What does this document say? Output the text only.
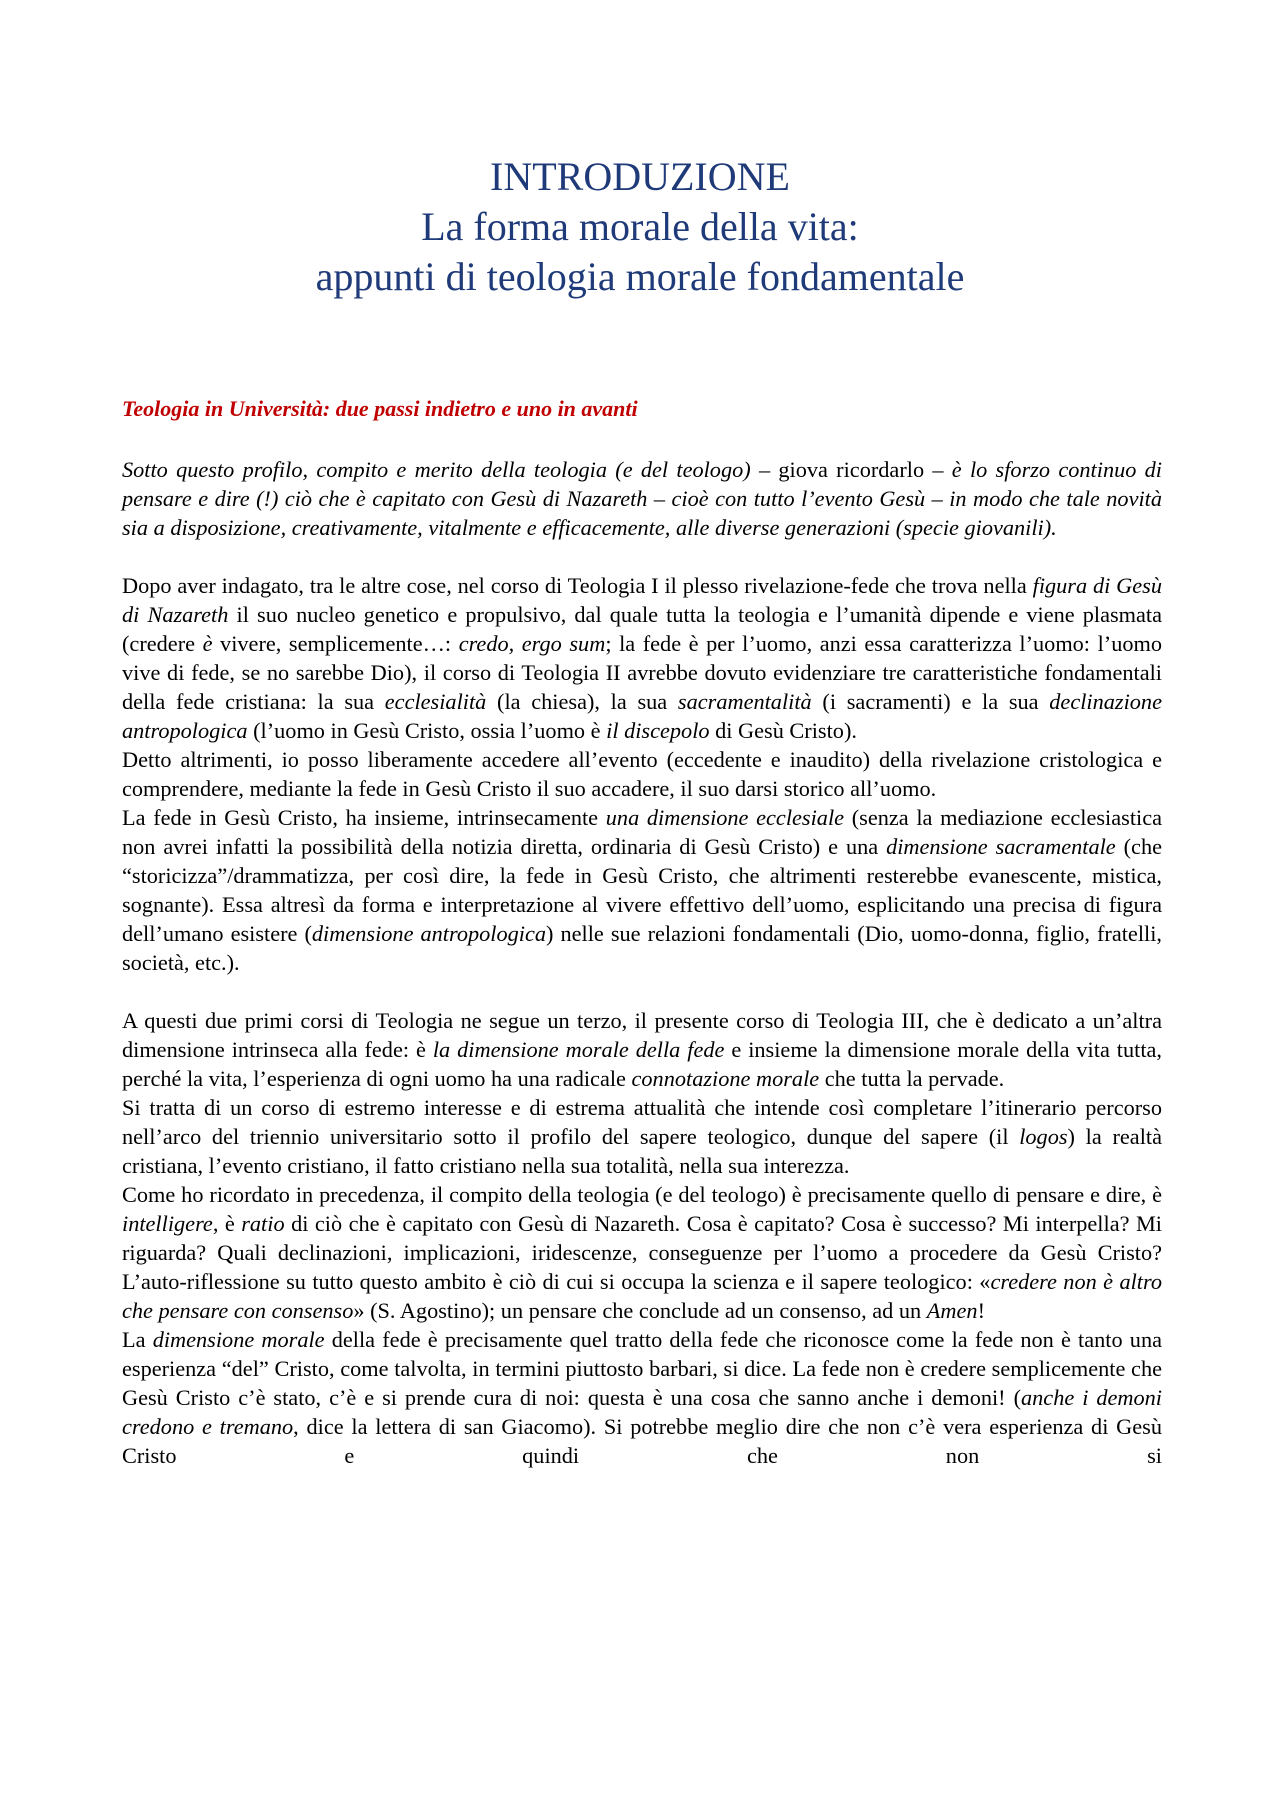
INTRODUZIONE
La forma morale della vita:
appunti di teologia morale fondamentale
Teologia in Università: due passi indietro e uno in avanti

Sotto questo profilo, compito e merito della teologia (e del teologo) – giova ricordarlo – è lo sforzo continuo di pensare e dire (!) ciò che è capitato con Gesù di Nazareth – cioè con tutto l’evento Gesù – in modo che tale novità sia a disposizione, creativamente, vitalmente e efficacemente, alle diverse generazioni (specie giovanili).

Dopo aver indagato, tra le altre cose, nel corso di Teologia I il plesso rivelazione-fede che trova nella figura di Gesù di Nazareth il suo nucleo genetico e propulsivo, dal quale tutta la teologia e l’umanità dipende e viene plasmata (credere è vivere, semplicemente…: credo, ergo sum; la fede è per l’uomo, anzi essa caratterizza l’uomo: l’uomo vive di fede, se no sarebbe Dio), il corso di Teologia II avrebbe dovuto evidenziare tre caratteristiche fondamentali della fede cristiana: la sua ecclesialità (la chiesa), la sua sacramentalità (i sacramenti) e la sua declinazione antropologica (l’uomo in Gesù Cristo, ossia l’uomo è il discepolo di Gesù Cristo).

Detto altrimenti, io posso liberamente accedere all’evento (eccedente e inaudito) della rivelazione cristologica e comprendere, mediante la fede in Gesù Cristo il suo accadere, il suo darsi storico all’uomo.

La fede in Gesù Cristo, ha insieme, intrinsecamente una dimensione ecclesiale (senza la mediazione ecclesiastica non avrei infatti la possibilità della notizia diretta, ordinaria di Gesù Cristo) e una dimensione sacramentale (che “storicizza”/drammatizza, per così dire, la fede in Gesù Cristo, che altrimenti resterebbe evanescente, mistica, sognante). Essa altresì da forma e interpretazione al vivere effettivo dell’uomo, esplicitando una precisa di figura dell’umano esistere (dimensione antropologica) nelle sue relazioni fondamentali (Dio, uomo-donna, figlio, fratelli, società, etc.).

A questi due primi corsi di Teologia ne segue un terzo, il presente corso di Teologia III, che è dedicato a un’altra dimensione intrinseca alla fede: è la dimensione morale della fede e insieme la dimensione morale della vita tutta, perché la vita, l’esperienza di ogni uomo ha una radicale connotazione morale che tutta la pervade.

Si tratta di un corso di estremo interesse e di estrema attualità che intende così completare l’itinerario percorso nell’arco del triennio universitario sotto il profilo del sapere teologico, dunque del sapere (il logos) la realtà cristiana, l’evento cristiano, il fatto cristiano nella sua totalità, nella sua interezza.

Come ho ricordato in precedenza, il compito della teologia (e del teologo) è precisamente quello di pensare e dire, è intelligere, è ratio di ciò che è capitato con Gesù di Nazareth. Cosa è capitato? Cosa è successo? Mi interpella? Mi riguarda? Quali declinazioni, implicazioni, iridescenze, conseguenze per l’uomo a procedere da Gesù Cristo? L’auto-riflessione su tutto questo ambito è ciò di cui si occupa la scienza e il sapere teologico: «credere non è altro che pensare con consenso» (S. Agostino); un pensare che conclude ad un consenso, ad un Amen!

La dimensione morale della fede è precisamente quel tratto della fede che riconosce come la fede non è tanto una esperienza “del” Cristo, come talvolta, in termini piuttosto barbari, si dice. La fede non è credere semplicemente che Gesù Cristo c’è stato, c’è e si prende cura di noi: questa è una cosa che sanno anche i demoni! (anche i demoni credono e tremano, dice la lettera di san Giacomo). Si potrebbe meglio dire che non c’è vera esperienza di Gesù Cristo e quindi che non si
